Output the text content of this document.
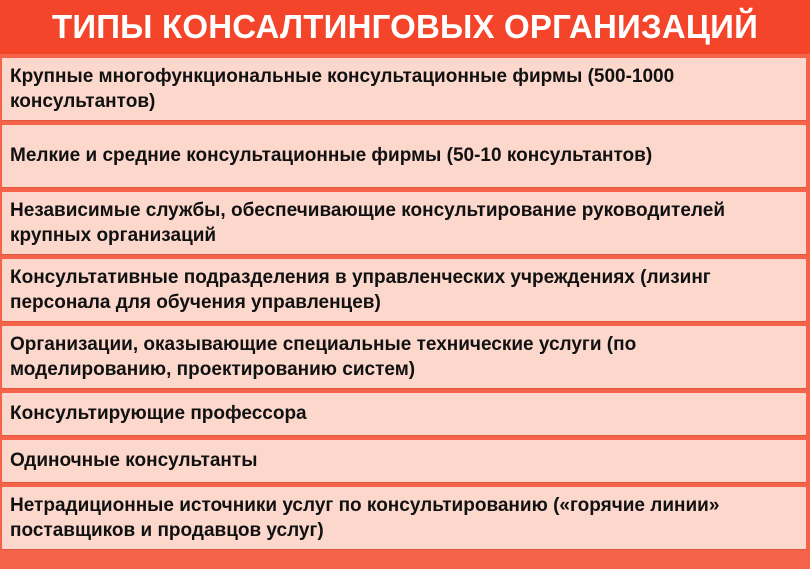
ТИПЫ КОНСАЛТИНГОВЫХ ОРГАНИЗАЦИЙ
Крупные многофункциональные консультационные фирмы (500-1000 консультантов)
Мелкие и средние консультационные фирмы (50-10 консультантов)
Независимые службы, обеспечивающие консультирование руководителей крупных организаций
Консультативные подразделения в управленческих учреждениях (лизинг персонала для обучения управленцев)
Организации, оказывающие специальные технические услуги (по моделированию, проектированию систем)
Консультирующие профессора
Одиночные консультанты
Нетрадиционные источники услуг по консультированию («горячие линии» поставщиков и продавцов услуг)
